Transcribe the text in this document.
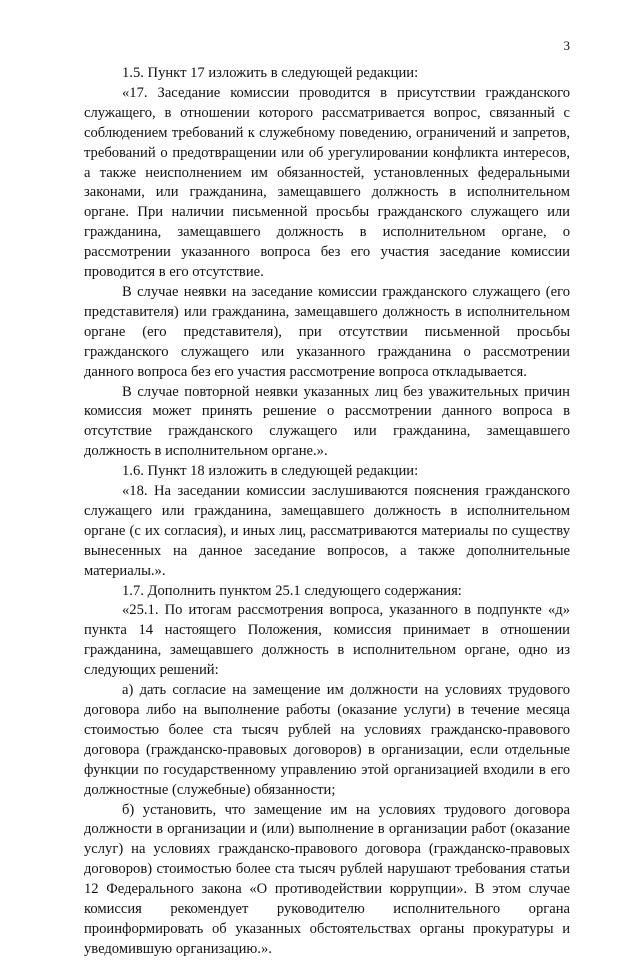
3

1.5. Пункт 17 изложить в следующей редакции:

«17. Заседание комиссии проводится в присутствии гражданского служащего, в отношении которого рассматривается вопрос, связанный с соблюдением требований к служебному поведению, ограничений и запретов, требований о предотвращении или об урегулировании конфликта интересов, а также неисполнением им обязанностей, установленных федеральными законами, или гражданина, замещавшего должность в исполнительном органе. При наличии письменной просьбы гражданского служащего или гражданина, замещавшего должность в исполнительном органе, о рассмотрении указанного вопроса без его участия заседание комиссии проводится в его отсутствие.

В случае неявки на заседание комиссии гражданского служащего (его представителя) или гражданина, замещавшего должность в исполнительном органе (его представителя), при отсутствии письменной просьбы гражданского служащего или указанного гражданина о рассмотрении данного вопроса без его участия рассмотрение вопроса откладывается.

В случае повторной неявки указанных лиц без уважительных причин комиссия может принять решение о рассмотрении данного вопроса в отсутствие гражданского служащего или гражданина, замещавшего должность в исполнительном органе.».

1.6. Пункт 18 изложить в следующей редакции:

«18. На заседании комиссии заслушиваются пояснения гражданского служащего или гражданина, замещавшего должность в исполнительном органе (с их согласия), и иных лиц, рассматриваются материалы по существу вынесенных на данное заседание вопросов, а также дополнительные материалы.».

1.7. Дополнить пунктом 25.1 следующего содержания:

«25.1. По итогам рассмотрения вопроса, указанного в подпункте «д» пункта 14 настоящего Положения, комиссия принимает в отношении гражданина, замещавшего должность в исполнительном органе, одно из следующих решений:

а) дать согласие на замещение им должности на условиях трудового договора либо на выполнение работы (оказание услуги) в течение месяца стоимостью более ста тысяч рублей на условиях гражданско-правового договора (гражданско-правовых договоров) в организации, если отдельные функции по государственному управлению этой организацией входили в его должностные (служебные) обязанности;

б) установить, что замещение им на условиях трудового договора должности в организации и (или) выполнение в организации работ (оказание услуг) на условиях гражданско-правового договора (гражданско-правовых договоров) стоимостью более ста тысяч рублей нарушают требования статьи 12 Федерального закона «О противодействии коррупции». В этом случае комиссия рекомендует руководителю исполнительного органа проинформировать об указанных обстоятельствах органы прокуратуры и уведомившую организацию.».
